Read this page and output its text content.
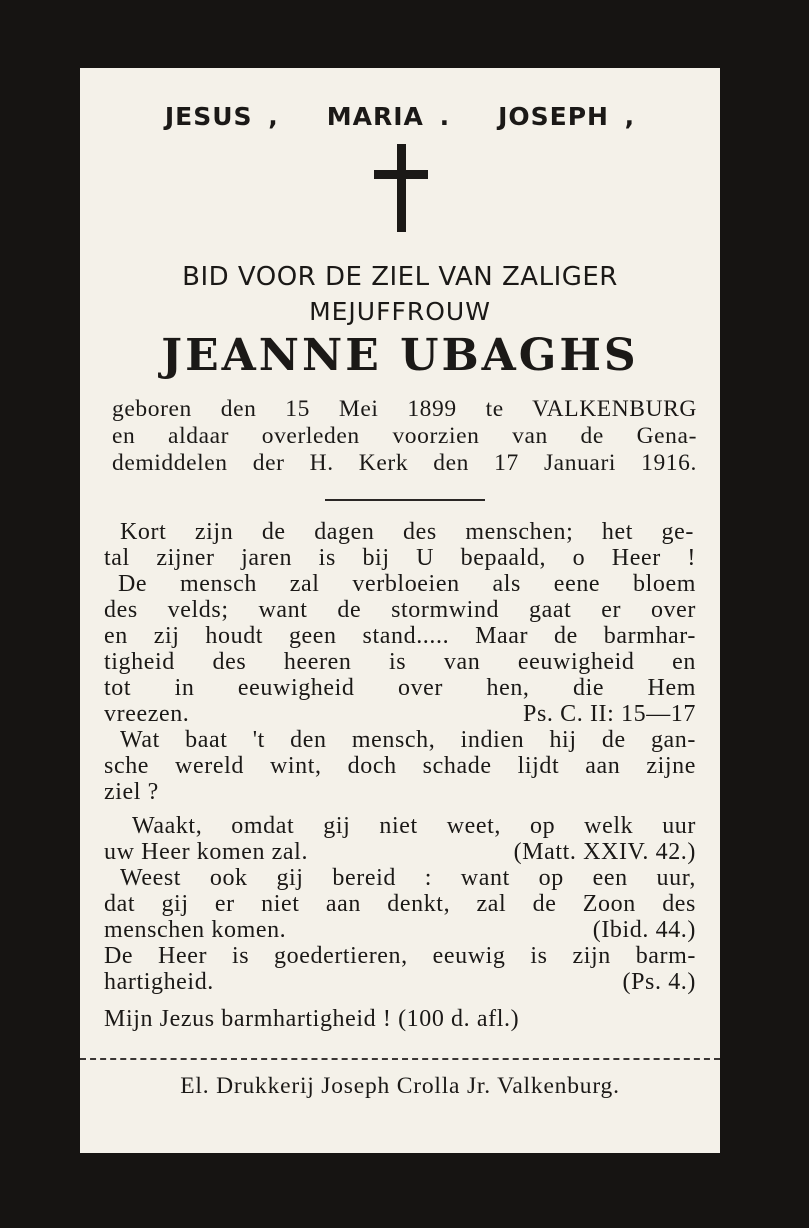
JESUS , MARIA . JOSEPH ,
BID VOOR DE ZIEL VAN ZALIGER
MEJUFFROUW
JEANNE UBAGHS
geboren den 15 Mei 1899 te VALKENBURG
en aldaar overleden voorzien van de Gena-
demiddelen der H. Kerk den 17 Januari 1916.
Kort zijn de dagen des menschen; het ge-
tal zijner jaren is bij U bepaald, o Heer !
De mensch zal verbloeien als eene bloem
des velds; want de stormwind gaat er over
en zij houdt geen stand..... Maar de barmhar-
tigheid des heeren is van eeuwigheid en
tot in eeuwigheid over hen, die Hem
vreezen.	Ps. C. II: 15—17
Wat baat 't den mensch, indien hij de gan-
sche wereld wint, doch schade lijdt aan zijne
ziel ?
Waakt, omdat gij niet weet, op welk uur
uw Heer komen zal.	(Matt. XXIV. 42.)
Weest ook gij bereid : want op een uur,
dat gij er niet aan denkt, zal de Zoon des
menschen komen.	(Ibid. 44.)
De Heer is goedertieren, eeuwig is zijn barm-
hartigheid.	(Ps. 4.)
Mijn Jezus barmhartigheid ! (100 d. afl.)
El. Drukkerij Joseph Crolla Jr. Valkenburg.
